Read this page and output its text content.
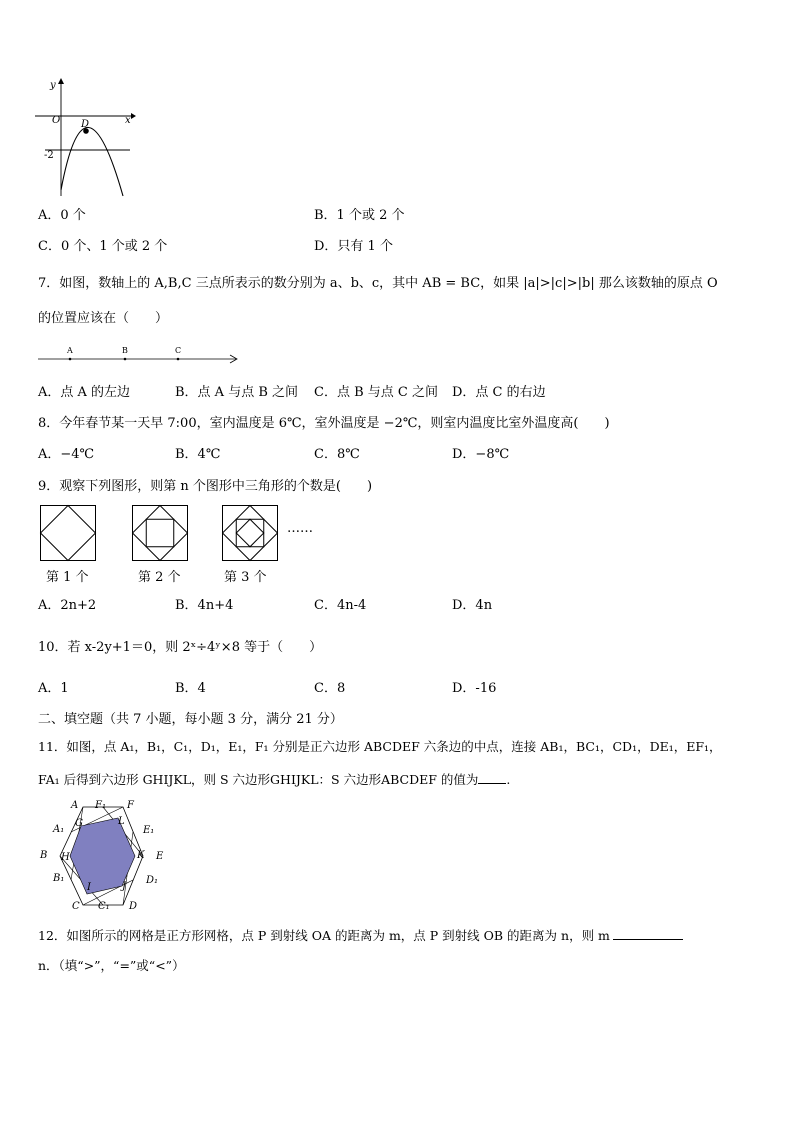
y
x
O D
-2
A．0 个	B．1 个或 2 个
C．0 个、1 个或 2 个	D．只有 1 个
7．如图，数轴上的 A,B,C 三点所表示的数分别为 a、b、c，其中 AB = BC，如果 |a|>|c|>|b| 那么该数轴的原点 O
的位置应该在（　　）
A	B	C
A．点 A 的左边	B．点 A 与点 B 之间 C．点 B 与点 C 之间 D．点 C 的右边
8．今年春节某一天早 7:00，室内温度是 6℃，室外温度是 −2℃，则室内温度比室外温度高(　　)
A．−4℃	B．4℃	C．8℃	D．−8℃
9．观察下列图形，则第 n 个图形中三角形的个数是(　　)
……
第 1 个	第 2 个	第 3 个
A．2n+2	B．4n+4	C．4n-4	D．4n
10．若 x-2y+1＝0，则 2ˣ÷4ʸ×8 等于（　　）
A．1	B．4	C．8	D．-16
二、填空题（共 7 小题，每小题 3 分，满分 21 分）
11．如图，点 A₁，B₁，C₁，D₁，E₁，F₁ 分别是正六边形 ABCDEF 六条边的中点，连接 AB₁，BC₁，CD₁，DE₁，EF₁，
FA₁ 后得到六边形 GHIJKL，则 S 六边形GHIJKL：S 六边形ABCDEF 的值为 .
A F₁ F
A₁
G	L
E₁
B H	K E
B₁
I	J
D₁
C C₁ D
12．如图所示的网格是正方形网格，点 P 到射线 OA 的距离为 m，点 P 到射线 OB 的距离为 n，则 m
n．（填“>”，“=”或“<”）
